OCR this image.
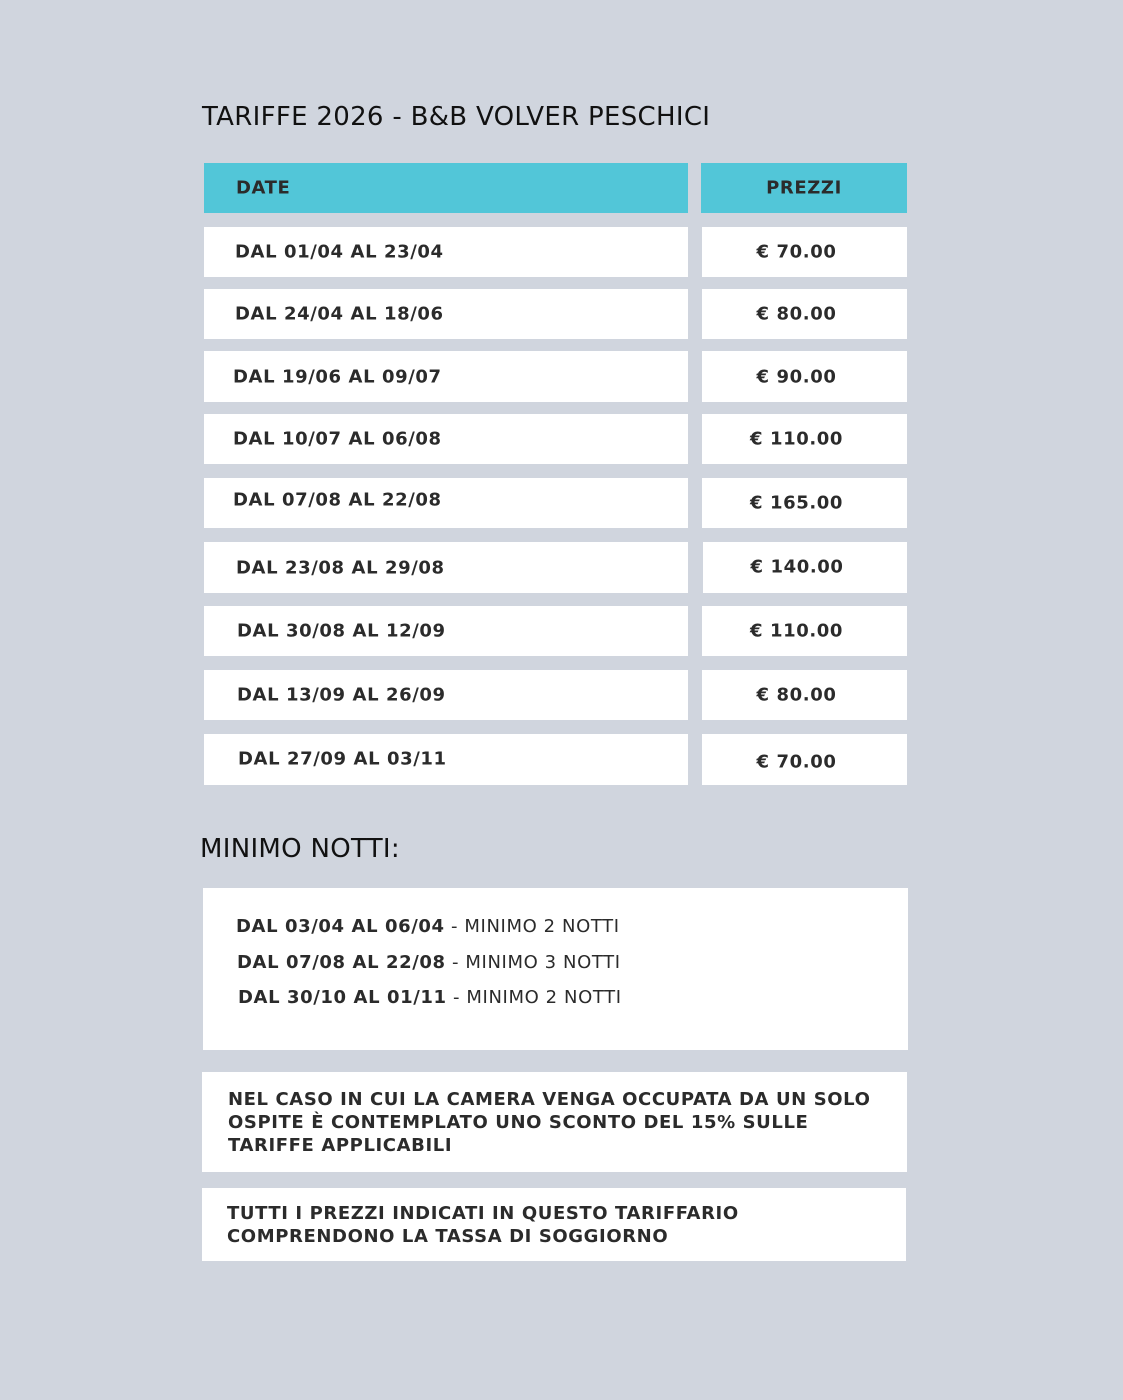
TARIFFE 2026 - B&B VOLVER PESCHICI
DATE	PREZZI
DAL 01/04 AL 23/04	€ 70.00
DAL 24/04 AL 18/06	€ 80.00
DAL 19/06 AL 09/07	€ 90.00
DAL 10/07 AL 06/08	€ 110.00
DAL 07/08 AL 22/08	€ 165.00
DAL 23/08 AL 29/08	€ 140.00
DAL 30/08 AL 12/09	€ 110.00
DAL 13/09 AL 26/09	€ 80.00
DAL 27/09 AL 03/11	€ 70.00
MINIMO NOTTI:
DAL 03/04 AL 06/04 - MINIMO 2 NOTTI
DAL 07/08 AL 22/08 - MINIMO 3 NOTTI
DAL 30/10 AL 01/11 - MINIMO 2 NOTTI
NEL CASO IN CUI LA CAMERA VENGA OCCUPATA DA UN SOLO OSPITE È CONTEMPLATO UNO SCONTO DEL 15% SULLE TARIFFE APPLICABILI
TUTTI I PREZZI INDICATI IN QUESTO TARIFFARIO COMPRENDONO LA TASSA DI SOGGIORNO
